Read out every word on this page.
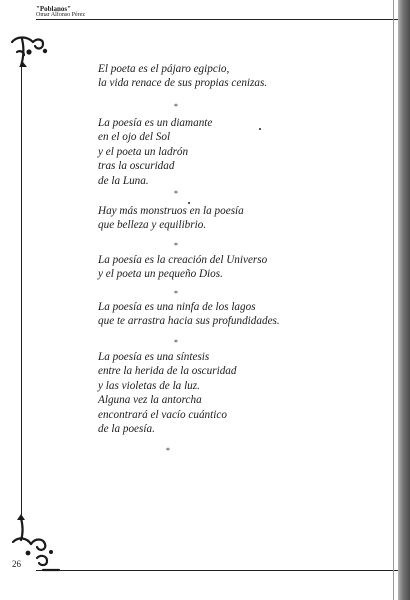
"Poblanos"

Omar Alfonso Pérez

El poeta es el pájaro egipcio,

la vida renace de sus propias cenizas.

*

La poesía es un diamante

en el ojo del Sol

y el poeta un ladrón

tras la oscuridad

de la Luna.

*

Hay más monstruos en la poesía

que belleza y equilibrio.

*

La poesía es la creación del Universo

y el poeta un pequeño Dios.

*

La poesía es una ninfa de los lagos

que te arrastra hacia sus profundidades.

*

La poesía es una síntesis

entre la herida de la oscuridad

y las violetas de la luz.

Alguna vez la antorcha

encontrará el vacío cuántico

de la poesía.

*

26
